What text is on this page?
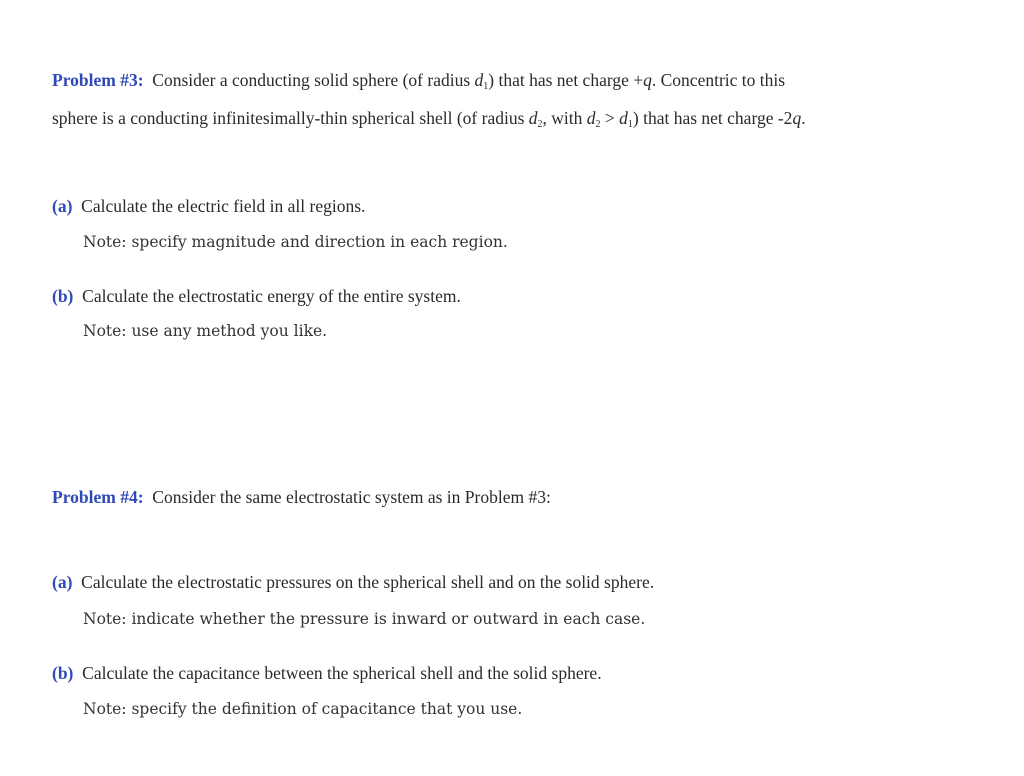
Problem #3: Consider a conducting solid sphere (of radius $d_1$) that has net charge +q. Concentric to this
sphere is a conducting infinitesimally-thin spherical shell (of radius $d_2$, with $d_2 > d_1$) that has net charge -2q.
(a) Calculate the electric field in all regions.
Note: specify magnitude and direction in each region.
(b) Calculate the electrostatic energy of the entire system.
Note: use any method you like.
Problem #4: Consider the same electrostatic system as in Problem #3:
(a) Calculate the electrostatic pressures on the spherical shell and on the solid sphere.
Note: indicate whether the pressure is inward or outward in each case.
(b) Calculate the capacitance between the spherical shell and the solid sphere.
Note: specify the definition of capacitance that you use.
